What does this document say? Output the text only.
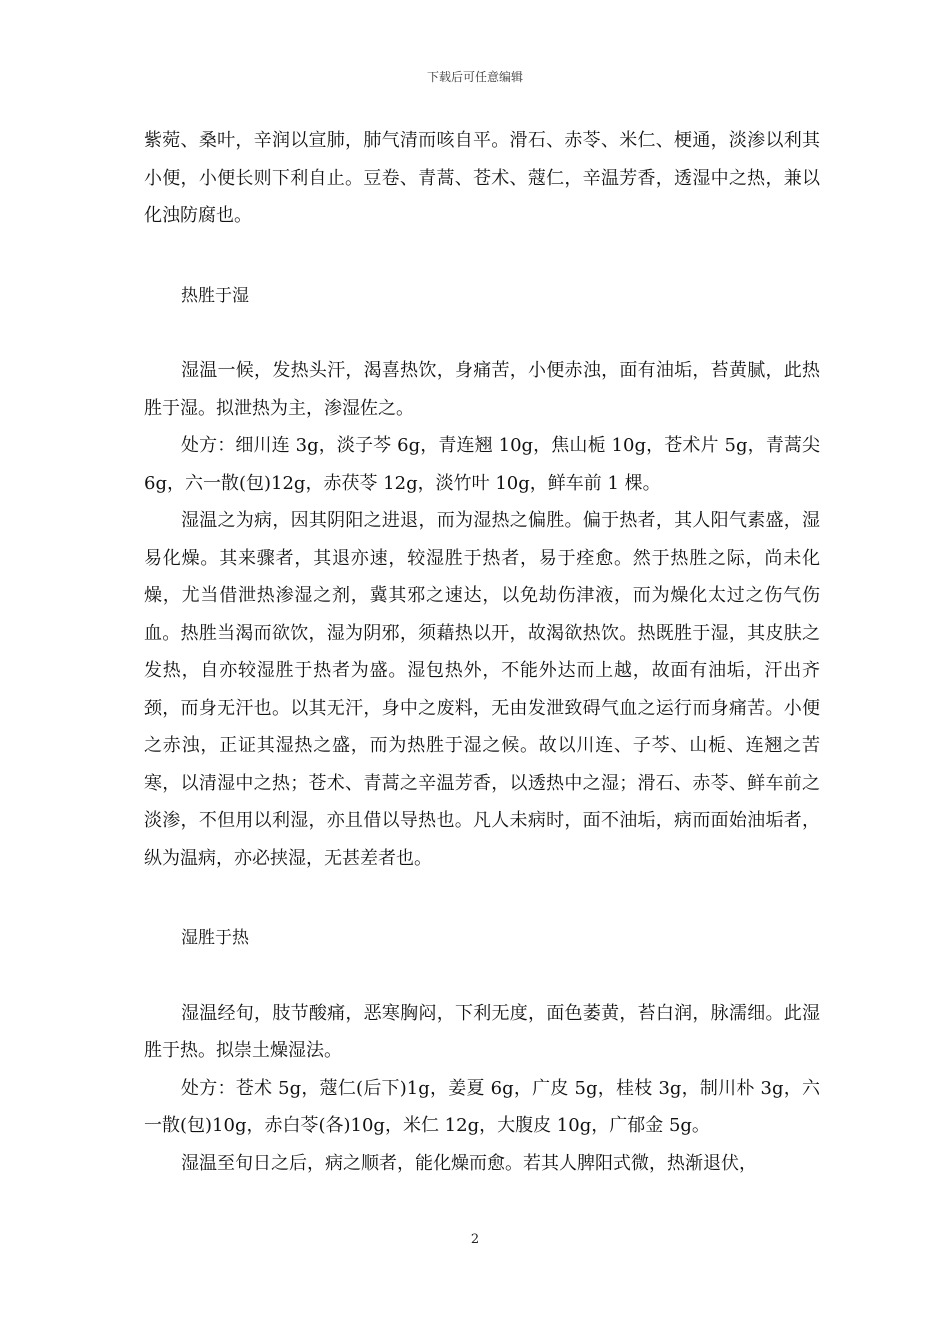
下载后可任意编辑

紫菀、桑叶，辛润以宣肺，肺气清而咳自平。滑石、赤苓、米仁、梗通，淡渗以利其小便，小便长则下利自止。豆卷、青蒿、苍术、蔻仁，辛温芳香，透湿中之热，兼以化浊防腐也。

热胜于湿

湿温一候，发热头汗，渴喜热饮，身痛苦，小便赤浊，面有油垢，苔黄腻，此热胜于湿。拟泄热为主，渗湿佐之。

处方：细川连 3g，淡子芩 6g，青连翘 10g，焦山栀 10g，苍术片 5g，青蒿尖 6g，六一散(包)12g，赤茯苓 12g，淡竹叶 10g，鲜车前 1 棵。

湿温之为病，因其阴阳之进退，而为湿热之偏胜。偏于热者，其人阳气素盛，湿易化燥。其来骤者，其退亦速，较湿胜于热者，易于痊愈。然于热胜之际，尚未化燥，尤当借泄热渗湿之剂，冀其邪之速达，以免劫伤津液，而为燥化太过之伤气伤血。热胜当渴而欲饮，湿为阴邪，须藉热以开，故渴欲热饮。热既胜于湿，其皮肤之发热，自亦较湿胜于热者为盛。湿包热外，不能外达而上越，故面有油垢，汗出齐颈，而身无汗也。以其无汗，身中之废料，无由发泄致碍气血之运行而身痛苦。小便之赤浊，正证其湿热之盛，而为热胜于湿之候。故以川连、子芩、山栀、连翘之苦寒，以清湿中之热；苍术、青蒿之辛温芳香，以透热中之湿；滑石、赤苓、鲜车前之淡渗，不但用以利湿，亦且借以导热也。凡人未病时，面不油垢，病而面始油垢者，纵为温病，亦必挟湿，无甚差者也。

湿胜于热

湿温经旬，肢节酸痛，恶寒胸闷，下利无度，面色萎黄，苔白润，脉濡细。此湿胜于热。拟崇土燥湿法。

处方：苍术 5g，蔻仁(后下)1g，姜夏 6g，广皮 5g，桂枝 3g，制川朴 3g，六一散(包)10g，赤白苓(各)10g，米仁 12g，大腹皮 10g，广郁金 5g。

湿温至旬日之后，病之顺者，能化燥而愈。若其人脾阳式微，热渐退伏，

2
